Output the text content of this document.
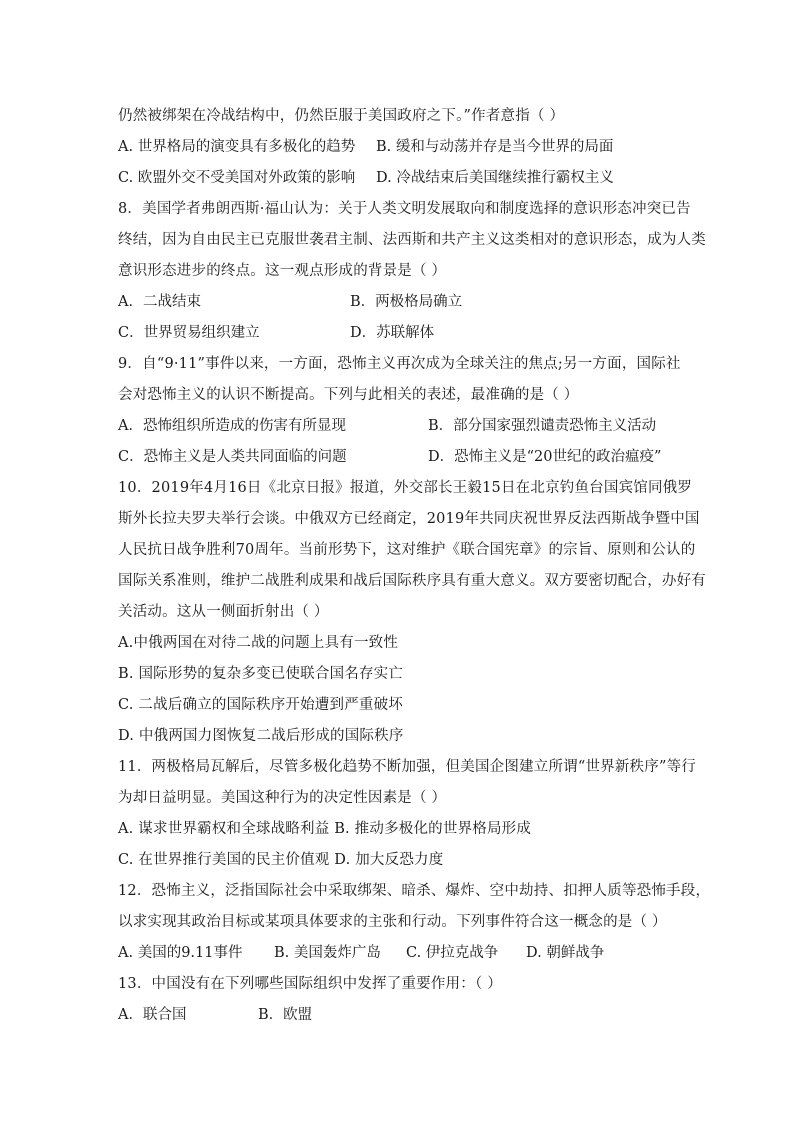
仍然被绑架在冷战结构中，仍然臣服于美国政府之下。”作者意指（ ）
A. 世界格局的演变具有多极化的趋势 B. 缓和与动荡并存是当今世界的局面
C. 欧盟外交不受美国对外政策的影响 D. 冷战结束后美国继续推行霸权主义
8．美国学者弗朗西斯·福山认为：关于人类文明发展取向和制度选择的意识形态冲突已告
终结，因为自由民主已克服世袭君主制、法西斯和共产主义这类相对的意识形态，成为人类
意识形态进步的终点。这一观点形成的背景是（ ）
A．二战结束	B．两极格局确立
C．世界贸易组织建立	D．苏联解体
9．自“9·11”事件以来，一方面，恐怖主义再次成为全球关注的焦点;另一方面，国际社
会对恐怖主义的认识不断提高。下列与此相关的表述，最准确的是（ ）
A．恐怖组织所造成的伤害有所显现	B．部分国家强烈谴责恐怖主义活动
C．恐怖主义是人类共同面临的问题	D．恐怖主义是“20世纪的政治瘟疫”
10．2019年4月16日《北京日报》报道，外交部长王毅15日在北京钓鱼台国宾馆同俄罗
斯外长拉夫罗夫举行会谈。中俄双方已经商定，2019年共同庆祝世界反法西斯战争暨中国
人民抗日战争胜利70周年。当前形势下，这对维护《联合国宪章》的宗旨、原则和公认的
国际关系准则，维护二战胜利成果和战后国际秩序具有重大意义。双方要密切配合，办好有
关活动。这从一侧面折射出（ ）
A.中俄两国在对待二战的问题上具有一致性
B. 国际形势的复杂多变已使联合国名存实亡
C. 二战后确立的国际秩序开始遭到严重破坏
D. 中俄两国力图恢复二战后形成的国际秩序
11．两极格局瓦解后，尽管多极化趋势不断加强，但美国企图建立所谓“世界新秩序”等行
为却日益明显。美国这种行为的决定性因素是（ ）
A. 谋求世界霸权和全球战略利益 B. 推动多极化的世界格局形成
C. 在世界推行美国的民主价值观 D. 加大反恐力度
12．恐怖主义，泛指国际社会中采取绑架、暗杀、爆炸、空中劫持、扣押人质等恐怖手段，
以求实现其政治目标或某项具体要求的主张和行动。下列事件符合这一概念的是（ ）
A. 美国的9.11事件 B. 美国轰炸广岛 C. 伊拉克战争 D. 朝鲜战争
13．中国没有在下列哪些国际组织中发挥了重要作用：（ ）
A．联合国	B．欧盟
